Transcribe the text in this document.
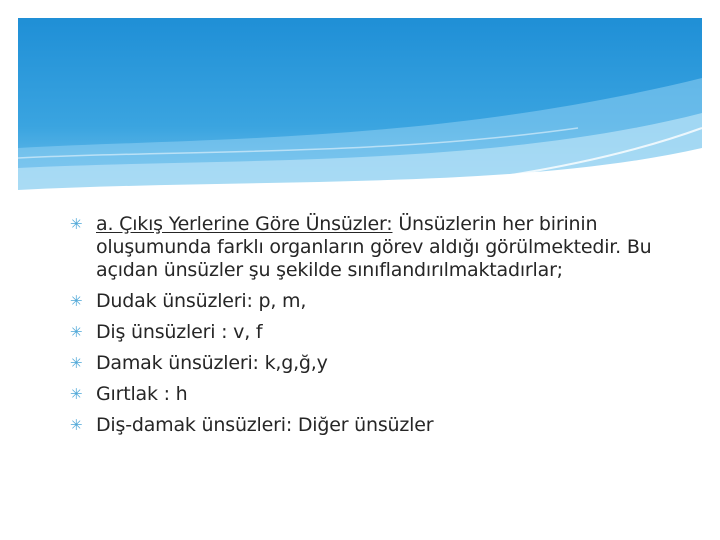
✳ a. Çıkış Yerlerine Göre Ünsüzler: Ünsüzlerin her birinin oluşumunda farklı organların görev aldığı görülmektedir. Bu açıdan ünsüzler şu şekilde sınıflandırılmaktadırlar;
✳ Dudak ünsüzleri: p, m,
✳ Diş ünsüzleri : v, f
✳ Damak ünsüzleri: k,g,ğ,y
✳ Gırtlak : h
✳ Diş-damak ünsüzleri: Diğer ünsüzler
